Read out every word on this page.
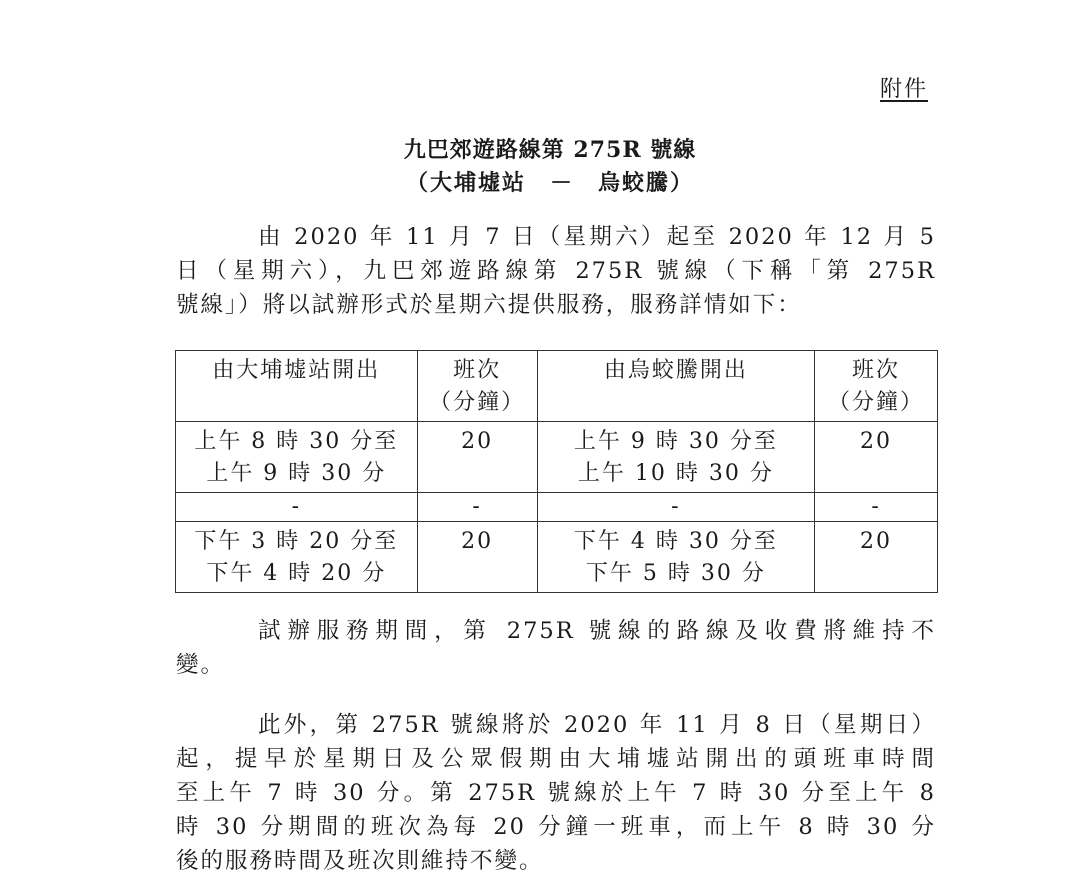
附件
九巴郊遊路線第 275R 號線
（大埔墟站　－　烏蛟騰）
由 2020 年 11 月 7 日（星期六）起至 2020 年 12 月 5
日（星期六），九巴郊遊路線第 275R 號線（下稱「第 275R
號線」）將以試辦形式於星期六提供服務，服務詳情如下：
由大埔墟站開出	班次
（分鐘）	由烏蛟騰開出	班次
（分鐘）
上午 8 時 30 分至
上午 9 時 30 分	20	上午 9 時 30 分至
上午 10 時 30 分	20
-	-	-	-
下午 3 時 20 分至
下午 4 時 20 分	20	下午 4 時 30 分至
下午 5 時 30 分	20
試辦服務期間，第 275R 號線的路線及收費將維持不
變。
此外，第 275R 號線將於 2020 年 11 月 8 日（星期日）
起，提早於星期日及公眾假期由大埔墟站開出的頭班車時間
至上午 7 時 30 分。第 275R 號線於上午 7 時 30 分至上午 8
時 30 分期間的班次為每 20 分鐘一班車，而上午 8 時 30 分
後的服務時間及班次則維持不變。
